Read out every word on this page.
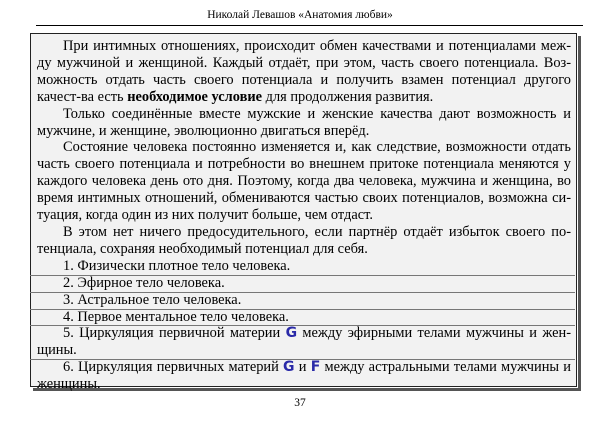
Николай Левашов «Анатомия любви»

При интимных отношениях, происходит обмен качествами и потенциалами меж-ду мужчиной и женщиной. Каждый отдаёт, при этом, часть своего потенциала. Воз-можность отдать часть своего потенциала и получить взамен потенциал другого качест-ва есть необходимое условие для продолжения развития.

Только соединённые вместе мужские и женские качества дают возможность и мужчине, и женщине, эволюционно двигаться вперёд.

Состояние человека постоянно изменяется и, как следствие, возможности отдать часть своего потенциала и потребности во внешнем притоке потенциала меняются у каждого человека день ото дня. Поэтому, когда два человека, мужчина и женщина, во время интимных отношений, обмениваются частью своих потенциалов, возможна си-туация, когда один из них получит больше, чем отдаст.

В этом нет ничего предосудительного, если партнёр отдаёт избыток своего по-тенциала, сохраняя необходимый потенциал для себя.

1. Физически плотное тело человека.

2. Эфирное тело человека.

3. Астральное тело человека.

4. Первое ментальное тело человека.

5. Циркуляция первичной материи G между эфирными телами мужчины и жен-щины.

6. Циркуляция первичных материй G и F между астральными телами мужчины и женщины.

37
